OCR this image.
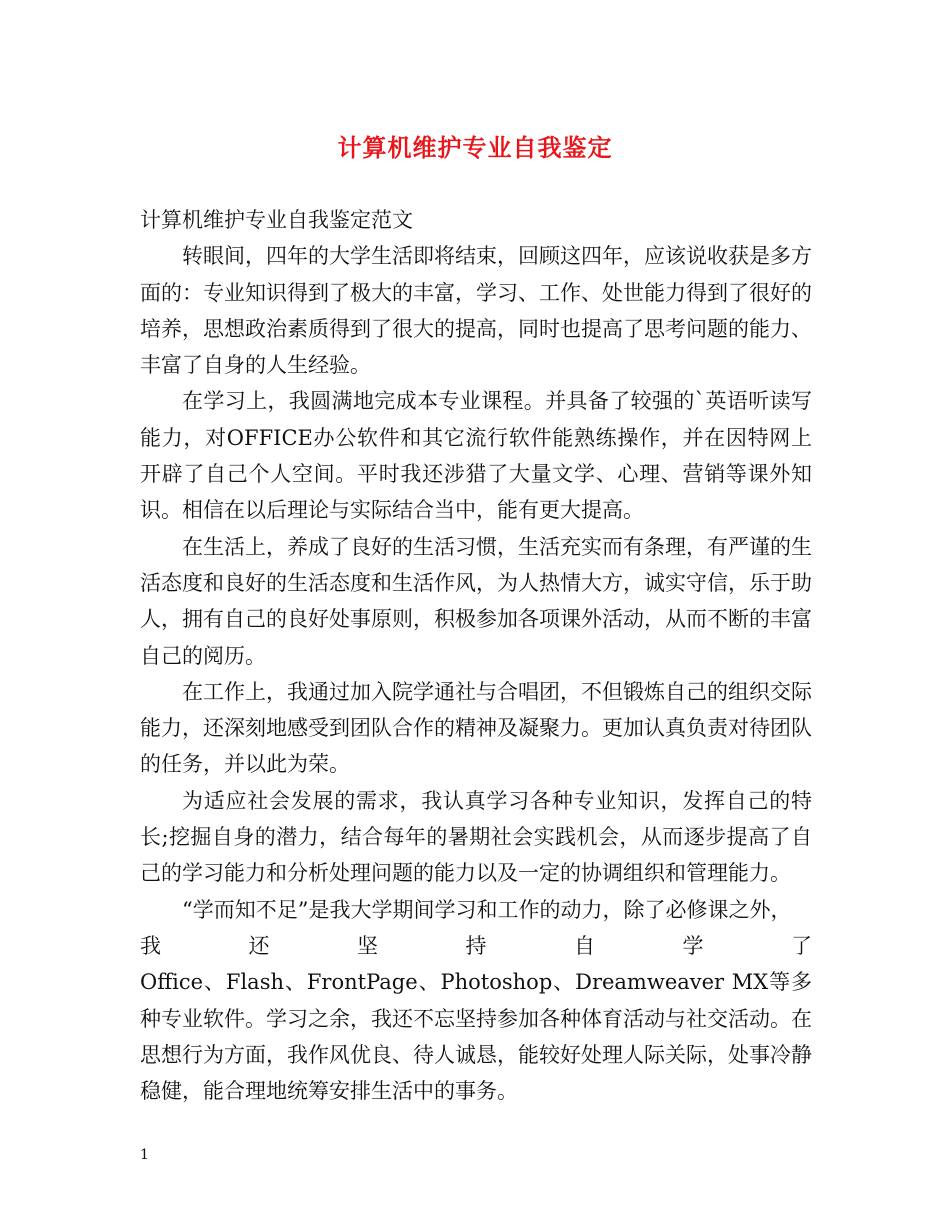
计算机维护专业自我鉴定

计算机维护专业自我鉴定范文

转眼间，四年的大学生活即将结束，回顾这四年，应该说收获是多方面的：专业知识得到了极大的丰富，学习、工作、处世能力得到了很好的培养，思想政治素质得到了很大的提高，同时也提高了思考问题的能力、丰富了自身的人生经验。

在学习上，我圆满地完成本专业课程。并具备了较强的`英语听读写能力，对OFFICE办公软件和其它流行软件能熟练操作，并在因特网上开辟了自己个人空间。平时我还涉猎了大量文学、心理、营销等课外知识。相信在以后理论与实际结合当中，能有更大提高。

在生活上，养成了良好的生活习惯，生活充实而有条理，有严谨的生活态度和良好的生活态度和生活作风，为人热情大方，诚实守信，乐于助人，拥有自己的良好处事原则，积极参加各项课外活动，从而不断的丰富自己的阅历。

在工作上，我通过加入院学通社与合唱团，不但锻炼自己的组织交际能力，还深刻地感受到团队合作的精神及凝聚力。更加认真负责对待团队的任务，并以此为荣。

为适应社会发展的需求，我认真学习各种专业知识，发挥自己的特长;挖掘自身的潜力，结合每年的暑期社会实践机会，从而逐步提高了自己的学习能力和分析处理问题的能力以及一定的协调组织和管理能力。

“学而知不足”是我大学期间学习和工作的动力，除了必修课之外，

我	还	坚	持	自	学	了

Office、Flash、FrontPage、Photoshop、Dreamweaver MX等多种专业软件。学习之余，我还不忘坚持参加各种体育活动与社交活动。在思想行为方面，我作风优良、待人诚恳，能较好处理人际关际，处事冷静稳健，能合理地统筹安排生活中的事务。

1
